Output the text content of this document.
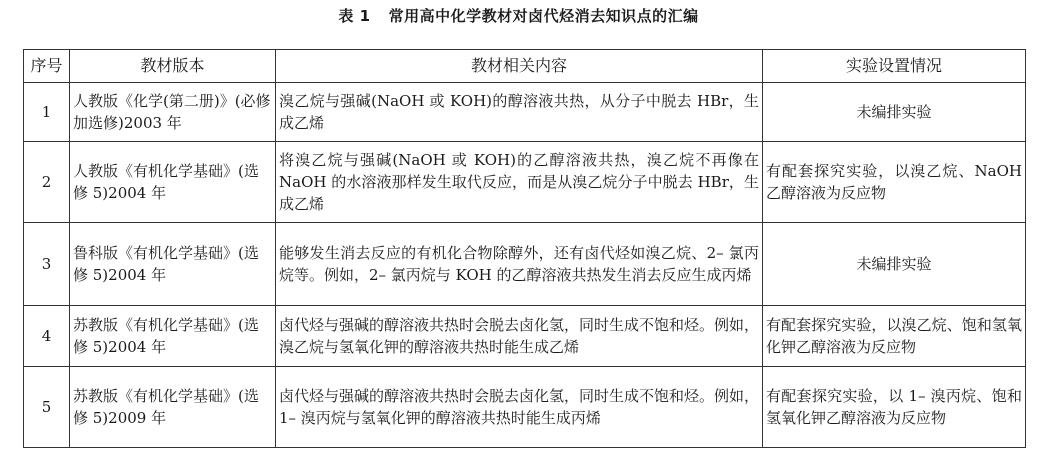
表 1 常用高中化学教材对卤代烃消去知识点的汇编
序号	教材版本	教材相关内容	实验设置情况
1	人教版《化学(第二册)》(必修加选修)2003 年	溴乙烷与强碱(NaOH 或 KOH)的醇溶液共热，从分子中脱去 HBr，生成乙烯	未编排实验
2	人教版《有机化学基础》(选修 5)2004 年	将溴乙烷与强碱(NaOH 或 KOH)的乙醇溶液共热，溴乙烷不再像在 NaOH 的水溶液那样发生取代反应，而是从溴乙烷分子中脱去 HBr，生成乙烯	有配套探究实验，以溴乙烷、NaOH 乙醇溶液为反应物
3	鲁科版《有机化学基础》(选修 5)2004 年	能够发生消去反应的有机化合物除醇外，还有卤代烃如溴乙烷、2– 氯丙烷等。例如，2– 氯丙烷与 KOH 的乙醇溶液共热发生消去反应生成丙烯	未编排实验
4	苏教版《有机化学基础》(选修 5)2004 年	卤代烃与强碱的醇溶液共热时会脱去卤化氢，同时生成不饱和烃。例如，溴乙烷与氢氧化钾的醇溶液共热时能生成乙烯	有配套探究实验，以溴乙烷、饱和氢氧化钾乙醇溶液为反应物
5	苏教版《有机化学基础》(选修 5)2009 年	卤代烃与强碱的醇溶液共热时会脱去卤化氢，同时生成不饱和烃。例如，1– 溴丙烷与氢氧化钾的醇溶液共热时能生成丙烯	有配套探究实验，以 1– 溴丙烷、饱和氢氧化钾乙醇溶液为反应物
